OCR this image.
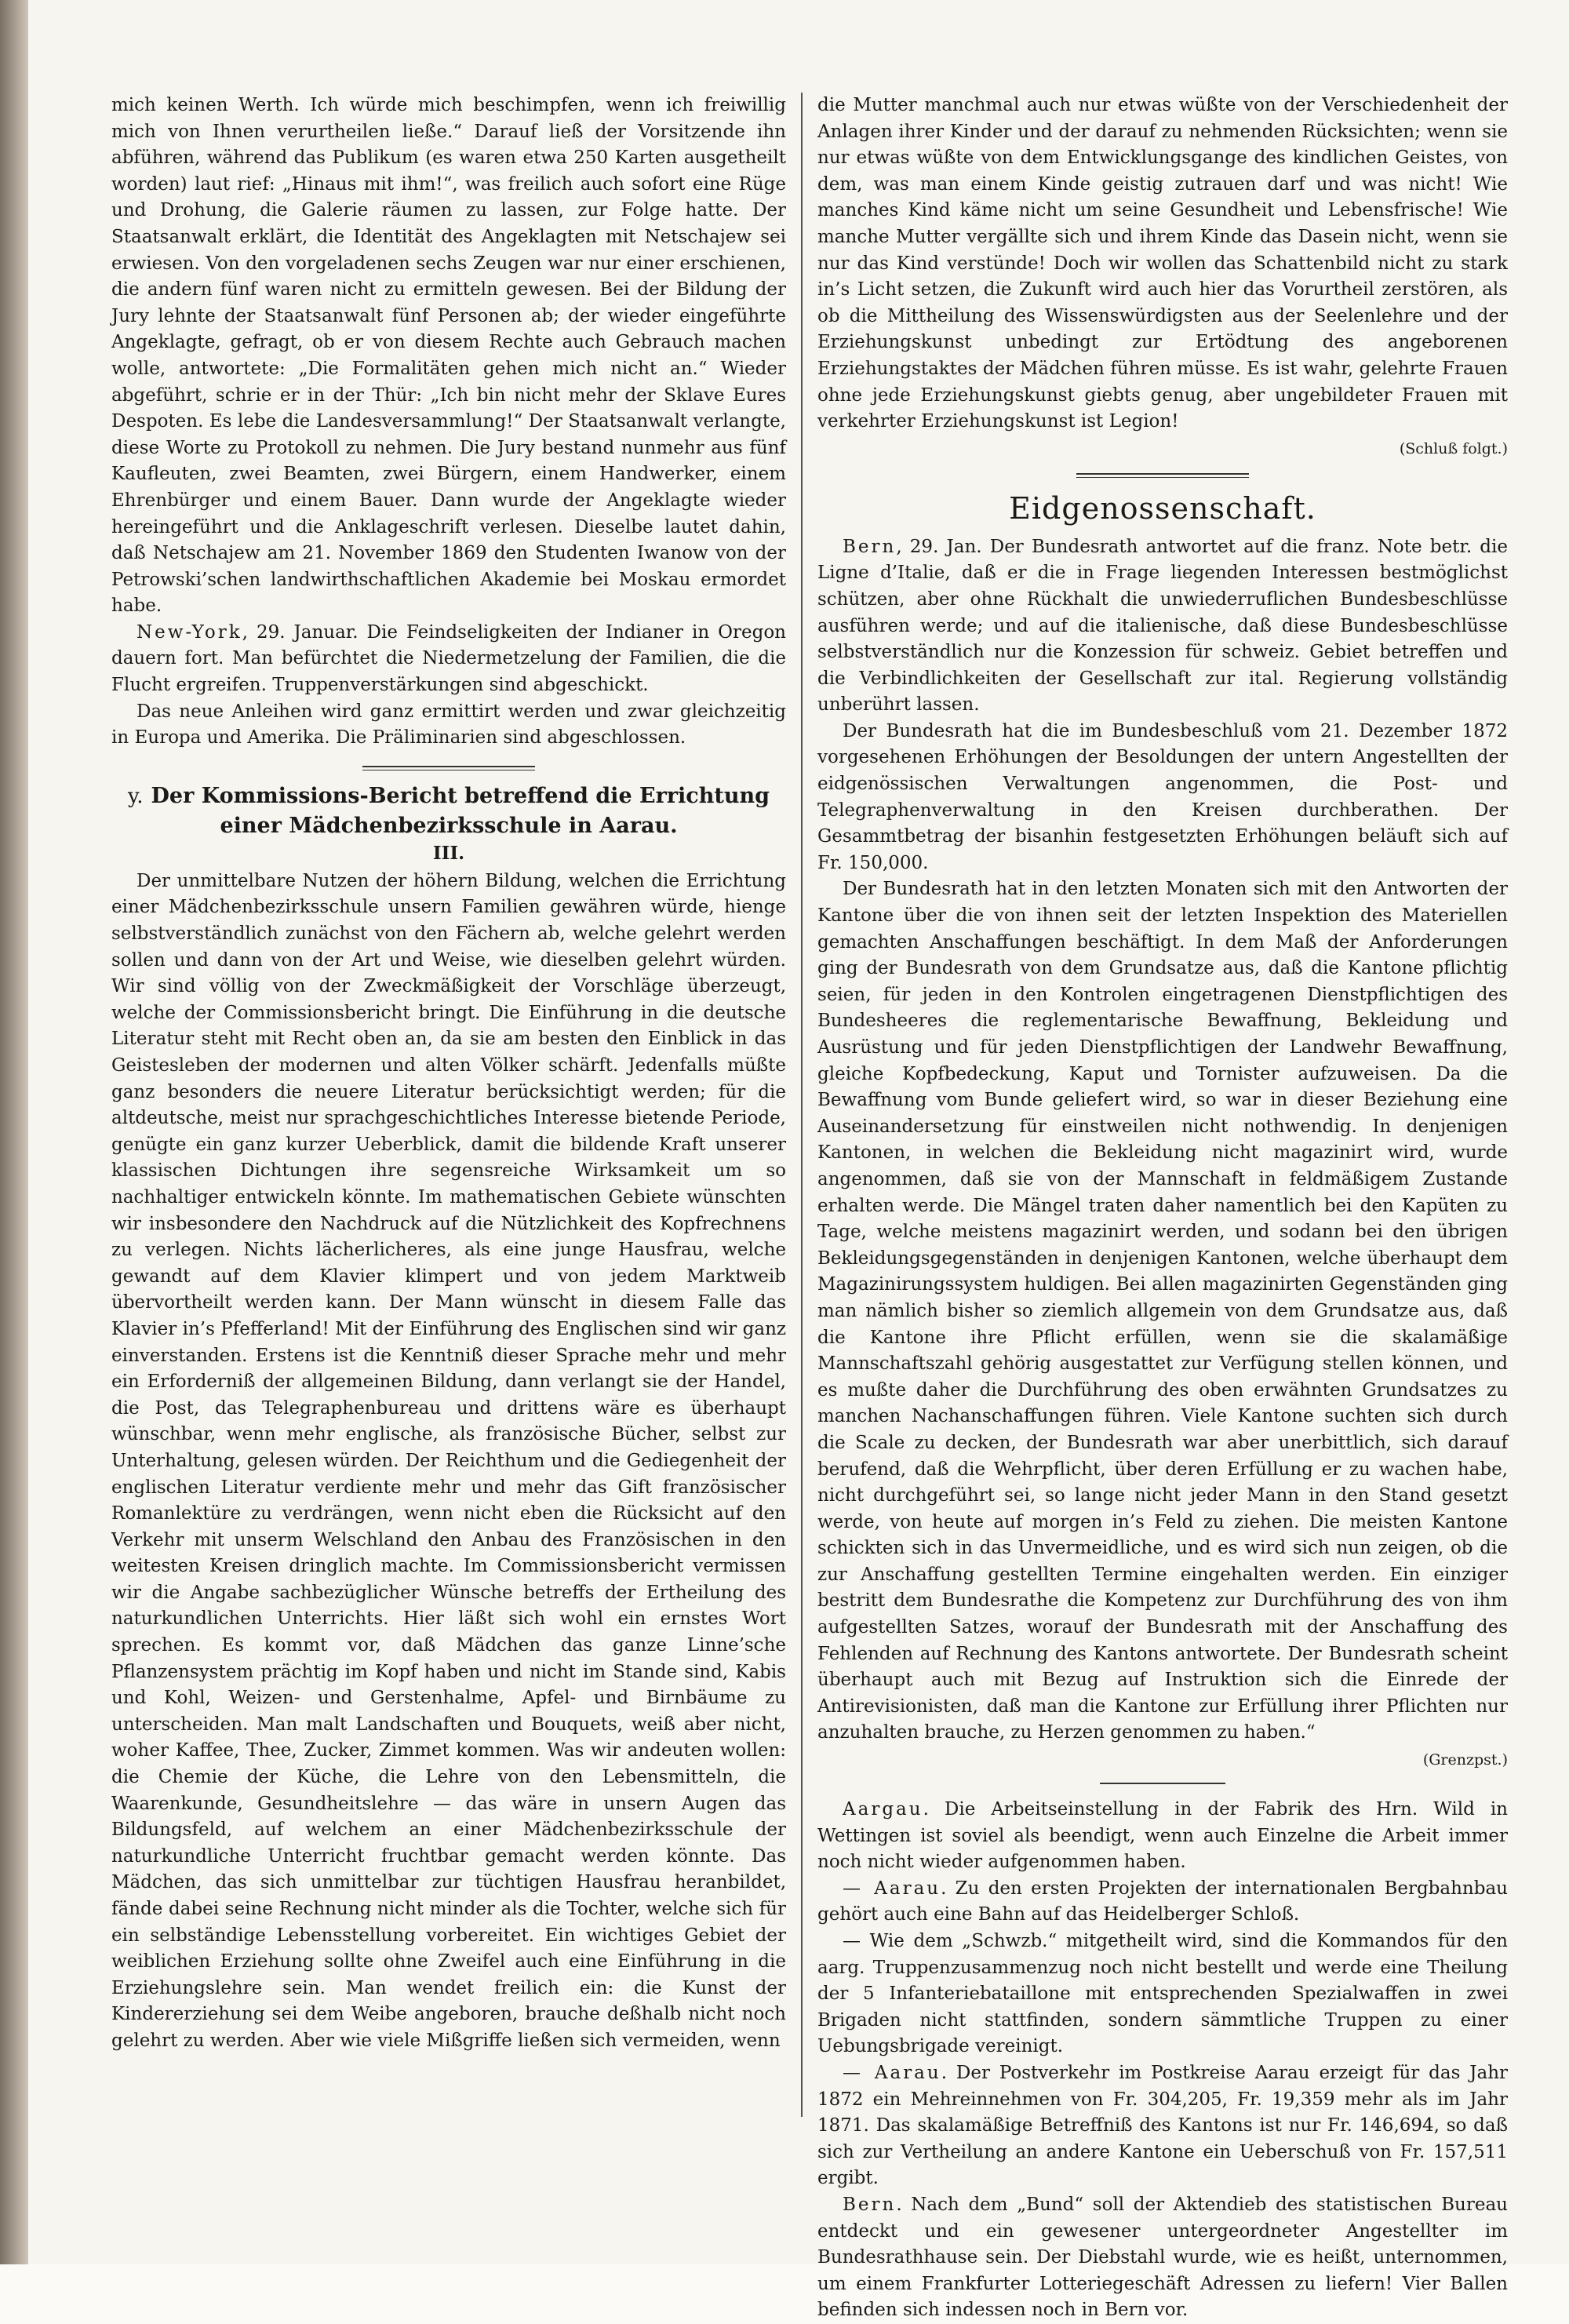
mich keinen Werth. Ich würde mich beschimpfen, wenn ich freiwillig mich von Ihnen verurtheilen ließe.“ Darauf ließ der Vorsitzende ihn abführen, während das Publikum (es waren etwa 250 Karten ausgetheilt worden) laut rief: „Hinaus mit ihm!“, was freilich auch sofort eine Rüge und Drohung, die Galerie räumen zu lassen, zur Folge hatte. Der Staatsanwalt erklärt, die Identität des Angeklagten mit Netschajew sei erwiesen. Von den vorgeladenen sechs Zeugen war nur einer erschienen, die andern fünf waren nicht zu ermitteln gewesen. Bei der Bildung der Jury lehnte der Staatsanwalt fünf Personen ab; der wieder eingeführte Angeklagte, gefragt, ob er von diesem Rechte auch Gebrauch machen wolle, antwortete: „Die Formalitäten gehen mich nicht an.“ Wieder abgeführt, schrie er in der Thür: „Ich bin nicht mehr der Sklave Eures Despoten. Es lebe die Landesversammlung!“ Der Staatsanwalt verlangte, diese Worte zu Protokoll zu nehmen. Die Jury bestand nunmehr aus fünf Kaufleuten, zwei Beamten, zwei Bürgern, einem Handwerker, einem Ehrenbürger und einem Bauer. Dann wurde der Angeklagte wieder hereingeführt und die Anklageschrift verlesen. Dieselbe lautet dahin, daß Netschajew am 21. November 1869 den Studenten Iwanow von der Petrowski’schen landwirthschaftlichen Akademie bei Moskau ermordet habe.

New-York, 29. Januar. Die Feindseligkeiten der Indianer in Oregon dauern fort. Man befürchtet die Niedermetzelung der Familien, die die Flucht ergreifen. Truppenverstärkungen sind abgeschickt.

Das neue Anleihen wird ganz ermittirt werden und zwar gleichzeitig in Europa und Amerika. Die Präliminarien sind abgeschlossen.

y. Der Kommissions-Bericht betreffend die Errichtung einer Mädchenbezirksschule in Aarau.
III.

Der unmittelbare Nutzen der höhern Bildung, welchen die Errichtung einer Mädchenbezirksschule unsern Familien gewähren würde, hienge selbstverständlich zunächst von den Fächern ab, welche gelehrt werden sollen und dann von der Art und Weise, wie dieselben gelehrt würden. Wir sind völlig von der Zweckmäßigkeit der Vorschläge überzeugt, welche der Commissionsbericht bringt. Die Einführung in die deutsche Literatur steht mit Recht oben an, da sie am besten den Einblick in das Geistesleben der modernen und alten Völker schärft. Jedenfalls müßte ganz besonders die neuere Literatur berücksichtigt werden; für die altdeutsche, meist nur sprachgeschichtliches Interesse bietende Periode, genügte ein ganz kurzer Ueberblick, damit die bildende Kraft unserer klassischen Dichtungen ihre segensreiche Wirksamkeit um so nachhaltiger entwickeln könnte. Im mathematischen Gebiete wünschten wir insbesondere den Nachdruck auf die Nützlichkeit des Kopfrechnens zu verlegen. Nichts lächerlicheres, als eine junge Hausfrau, welche gewandt auf dem Klavier klimpert und von jedem Marktweib übervortheilt werden kann. Der Mann wünscht in diesem Falle das Klavier in’s Pfefferland! Mit der Einführung des Englischen sind wir ganz einverstanden. Erstens ist die Kenntniß dieser Sprache mehr und mehr ein Erforderniß der allgemeinen Bildung, dann verlangt sie der Handel, die Post, das Telegraphenbureau und drittens wäre es überhaupt wünschbar, wenn mehr englische, als französische Bücher, selbst zur Unterhaltung, gelesen würden. Der Reichthum und die Gediegenheit der englischen Literatur verdiente mehr und mehr das Gift französischer Romanlektüre zu verdrängen, wenn nicht eben die Rücksicht auf den Verkehr mit unserm Welschland den Anbau des Französischen in den weitesten Kreisen dringlich machte. Im Commissionsbericht vermissen wir die Angabe sachbezüglicher Wünsche betreffs der Ertheilung des naturkundlichen Unterrichts. Hier läßt sich wohl ein ernstes Wort sprechen. Es kommt vor, daß Mädchen das ganze Linne’sche Pflanzensystem prächtig im Kopf haben und nicht im Stande sind, Kabis und Kohl, Weizen- und Gerstenhalme, Apfel- und Birnbäume zu unterscheiden. Man malt Landschaften und Bouquets, weiß aber nicht, woher Kaffee, Thee, Zucker, Zimmet kommen. Was wir andeuten wollen: die Chemie der Küche, die Lehre von den Lebensmitteln, die Waarenkunde, Gesundheitslehre — das wäre in unsern Augen das Bildungsfeld, auf welchem an einer Mädchenbezirksschule der naturkundliche Unterricht fruchtbar gemacht werden könnte. Das Mädchen, das sich unmittelbar zur tüchtigen Hausfrau heranbildet, fände dabei seine Rechnung nicht minder als die Tochter, welche sich für ein selbständige Lebensstellung vorbereitet. Ein wichtiges Gebiet der weiblichen Erziehung sollte ohne Zweifel auch eine Einführung in die Erziehungslehre sein. Man wendet freilich ein: die Kunst der Kindererziehung sei dem Weibe angeboren, brauche deßhalb nicht noch gelehrt zu werden. Aber wie viele Mißgriffe ließen sich vermeiden, wenn

die Mutter manchmal auch nur etwas wüßte von der Verschiedenheit der Anlagen ihrer Kinder und der darauf zu nehmenden Rücksichten; wenn sie nur etwas wüßte von dem Entwicklungsgange des kindlichen Geistes, von dem, was man einem Kinde geistig zutrauen darf und was nicht! Wie manches Kind käme nicht um seine Gesundheit und Lebensfrische! Wie manche Mutter vergällte sich und ihrem Kinde das Dasein nicht, wenn sie nur das Kind verstünde! Doch wir wollen das Schattenbild nicht zu stark in’s Licht setzen, die Zukunft wird auch hier das Vorurtheil zerstören, als ob die Mittheilung des Wissenswürdigsten aus der Seelenlehre und der Erziehungskunst unbedingt zur Ertödtung des angeborenen Erziehungstaktes der Mädchen führen müsse. Es ist wahr, gelehrte Frauen ohne jede Erziehungskunst giebts genug, aber ungebildeter Frauen mit verkehrter Erziehungskunst ist Legion!

(Schluß folgt.)
Eidgenossenschaft.

Bern, 29. Jan. Der Bundesrath antwortet auf die franz. Note betr. die Ligne d’Italie, daß er die in Frage liegenden Interessen bestmöglichst schützen, aber ohne Rückhalt die unwiederruflichen Bundesbeschlüsse ausführen werde; und auf die italienische, daß diese Bundesbeschlüsse selbstverständlich nur die Konzession für schweiz. Gebiet betreffen und die Verbindlichkeiten der Gesellschaft zur ital. Regierung vollständig unberührt lassen.

Der Bundesrath hat die im Bundesbeschluß vom 21. Dezember 1872 vorgesehenen Erhöhungen der Besoldungen der untern Angestellten der eidgenössischen Verwaltungen angenommen, die Post- und Telegraphenverwaltung in den Kreisen durchberathen. Der Gesammtbetrag der bisanhin festgesetzten Erhöhungen beläuft sich auf Fr. 150,000.

Der Bundesrath hat in den letzten Monaten sich mit den Antworten der Kantone über die von ihnen seit der letzten Inspektion des Materiellen gemachten Anschaffungen beschäftigt. In dem Maß der Anforderungen ging der Bundesrath von dem Grundsatze aus, daß die Kantone pflichtig seien, für jeden in den Kontrolen eingetragenen Dienstpflichtigen des Bundesheeres die reglementarische Bewaffnung, Bekleidung und Ausrüstung und für jeden Dienstpflichtigen der Landwehr Bewaffnung, gleiche Kopfbedeckung, Kaput und Tornister aufzuweisen. Da die Bewaffnung vom Bunde geliefert wird, so war in dieser Beziehung eine Auseinandersetzung für einstweilen nicht nothwendig. In denjenigen Kantonen, in welchen die Bekleidung nicht magazinirt wird, wurde angenommen, daß sie von der Mannschaft in feldmäßigem Zustande erhalten werde. Die Mängel traten daher namentlich bei den Kapüten zu Tage, welche meistens magazinirt werden, und sodann bei den übrigen Bekleidungsgegenständen in denjenigen Kantonen, welche überhaupt dem Magazinirungssystem huldigen. Bei allen magazinirten Gegenständen ging man nämlich bisher so ziemlich allgemein von dem Grundsatze aus, daß die Kantone ihre Pflicht erfüllen, wenn sie die skalamäßige Mannschaftszahl gehörig ausgestattet zur Verfügung stellen können, und es mußte daher die Durchführung des oben erwähnten Grundsatzes zu manchen Nachanschaffungen führen. Viele Kantone suchten sich durch die Scale zu decken, der Bundesrath war aber unerbittlich, sich darauf berufend, daß die Wehrpflicht, über deren Erfüllung er zu wachen habe, nicht durchgeführt sei, so lange nicht jeder Mann in den Stand gesetzt werde, von heute auf morgen in’s Feld zu ziehen. Die meisten Kantone schickten sich in das Unvermeidliche, und es wird sich nun zeigen, ob die zur Anschaffung gestellten Termine eingehalten werden. Ein einziger bestritt dem Bundesrathe die Kompetenz zur Durchführung des von ihm aufgestellten Satzes, worauf der Bundesrath mit der Anschaffung des Fehlenden auf Rechnung des Kantons antwortete. Der Bundesrath scheint überhaupt auch mit Bezug auf Instruktion sich die Einrede der Antirevisionisten, daß man die Kantone zur Erfüllung ihrer Pflichten nur anzuhalten brauche, zu Herzen genommen zu haben.“

(Grenzpst.)

Aargau. Die Arbeitseinstellung in der Fabrik des Hrn. Wild in Wettingen ist soviel als beendigt, wenn auch Einzelne die Arbeit immer noch nicht wieder aufgenommen haben.

— Aarau. Zu den ersten Projekten der internationalen Bergbahnbau gehört auch eine Bahn auf das Heidelberger Schloß.

— Wie dem „Schwzb.“ mitgetheilt wird, sind die Kommandos für den aarg. Truppenzusammenzug noch nicht bestellt und werde eine Theilung der 5 Infanteriebataillone mit entsprechenden Spezialwaffen in zwei Brigaden nicht stattfinden, sondern sämmtliche Truppen zu einer Uebungsbrigade vereinigt.

— Aarau. Der Postverkehr im Postkreise Aarau erzeigt für das Jahr 1872 ein Mehreinnehmen von Fr. 304,205, Fr. 19,359 mehr als im Jahr 1871. Das skalamäßige Betreffniß des Kantons ist nur Fr. 146,694, so daß sich zur Vertheilung an andere Kantone ein Ueberschuß von Fr. 157,511 ergibt.

Bern. Nach dem „Bund“ soll der Aktendieb des statistischen Bureau entdeckt und ein gewesener untergeordneter Angestellter im Bundesrathhause sein. Der Diebstahl wurde, wie es heißt, unternommen, um einem Frankfurter Lotteriegeschäft Adressen zu liefern! Vier Ballen befinden sich indessen noch in Bern vor.
